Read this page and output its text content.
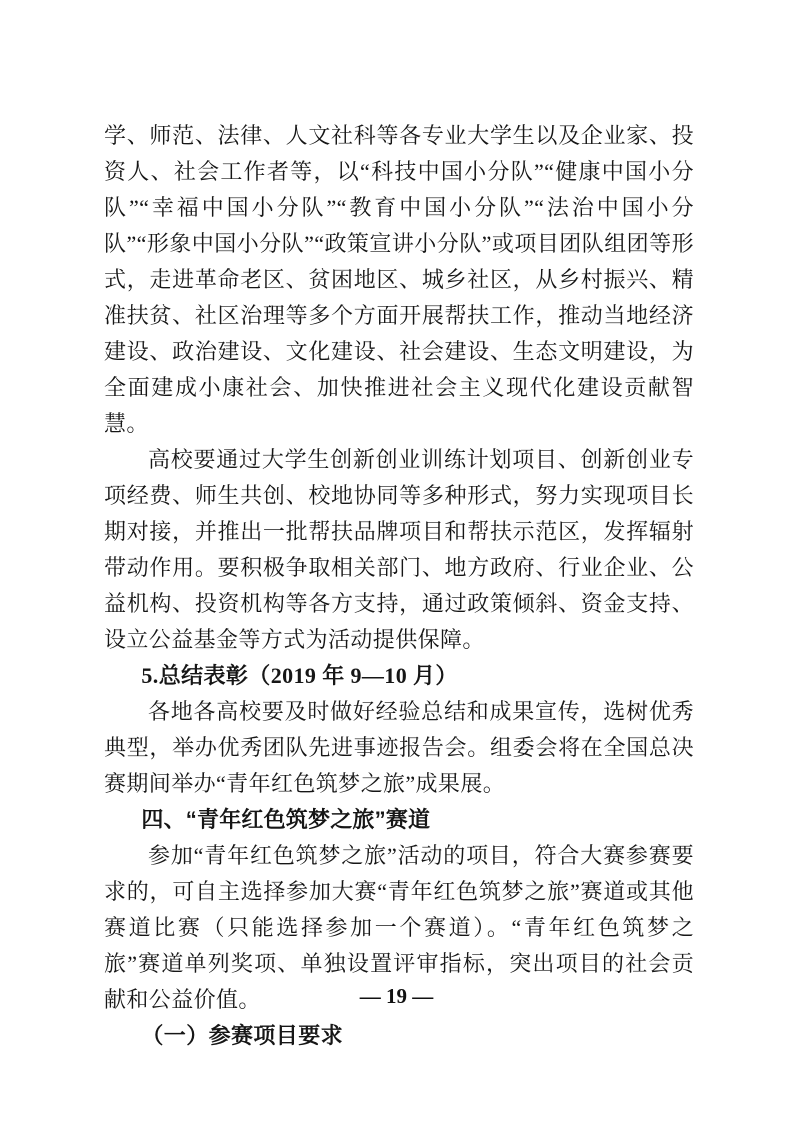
学、师范、法律、人文社科等各专业大学生以及企业家、投资人、社会工作者等，以“科技中国小分队”“健康中国小分队”“幸福中国小分队”“教育中国小分队”“法治中国小分队”“形象中国小分队”“政策宣讲小分队”或项目团队组团等形式，走进革命老区、贫困地区、城乡社区，从乡村振兴、精准扶贫、社区治理等多个方面开展帮扶工作，推动当地经济建设、政治建设、文化建设、社会建设、生态文明建设，为全面建成小康社会、加快推进社会主义现代化建设贡献智慧。

高校要通过大学生创新创业训练计划项目、创新创业专项经费、师生共创、校地协同等多种形式，努力实现项目长期对接，并推出一批帮扶品牌项目和帮扶示范区，发挥辐射带动作用。要积极争取相关部门、地方政府、行业企业、公益机构、投资机构等各方支持，通过政策倾斜、资金支持、设立公益基金等方式为活动提供保障。

5.总结表彰（2019 年 9—10 月）

各地各高校要及时做好经验总结和成果宣传，选树优秀典型，举办优秀团队先进事迹报告会。组委会将在全国总决赛期间举办“青年红色筑梦之旅”成果展。

四、“青年红色筑梦之旅”赛道

参加“青年红色筑梦之旅”活动的项目，符合大赛参赛要求的，可自主选择参加大赛“青年红色筑梦之旅”赛道或其他赛道比赛（只能选择参加一个赛道）。“青年红色筑梦之旅”赛道单列奖项、单独设置评审指标，突出项目的社会贡献和公益价值。

（一）参赛项目要求

— 19 —
